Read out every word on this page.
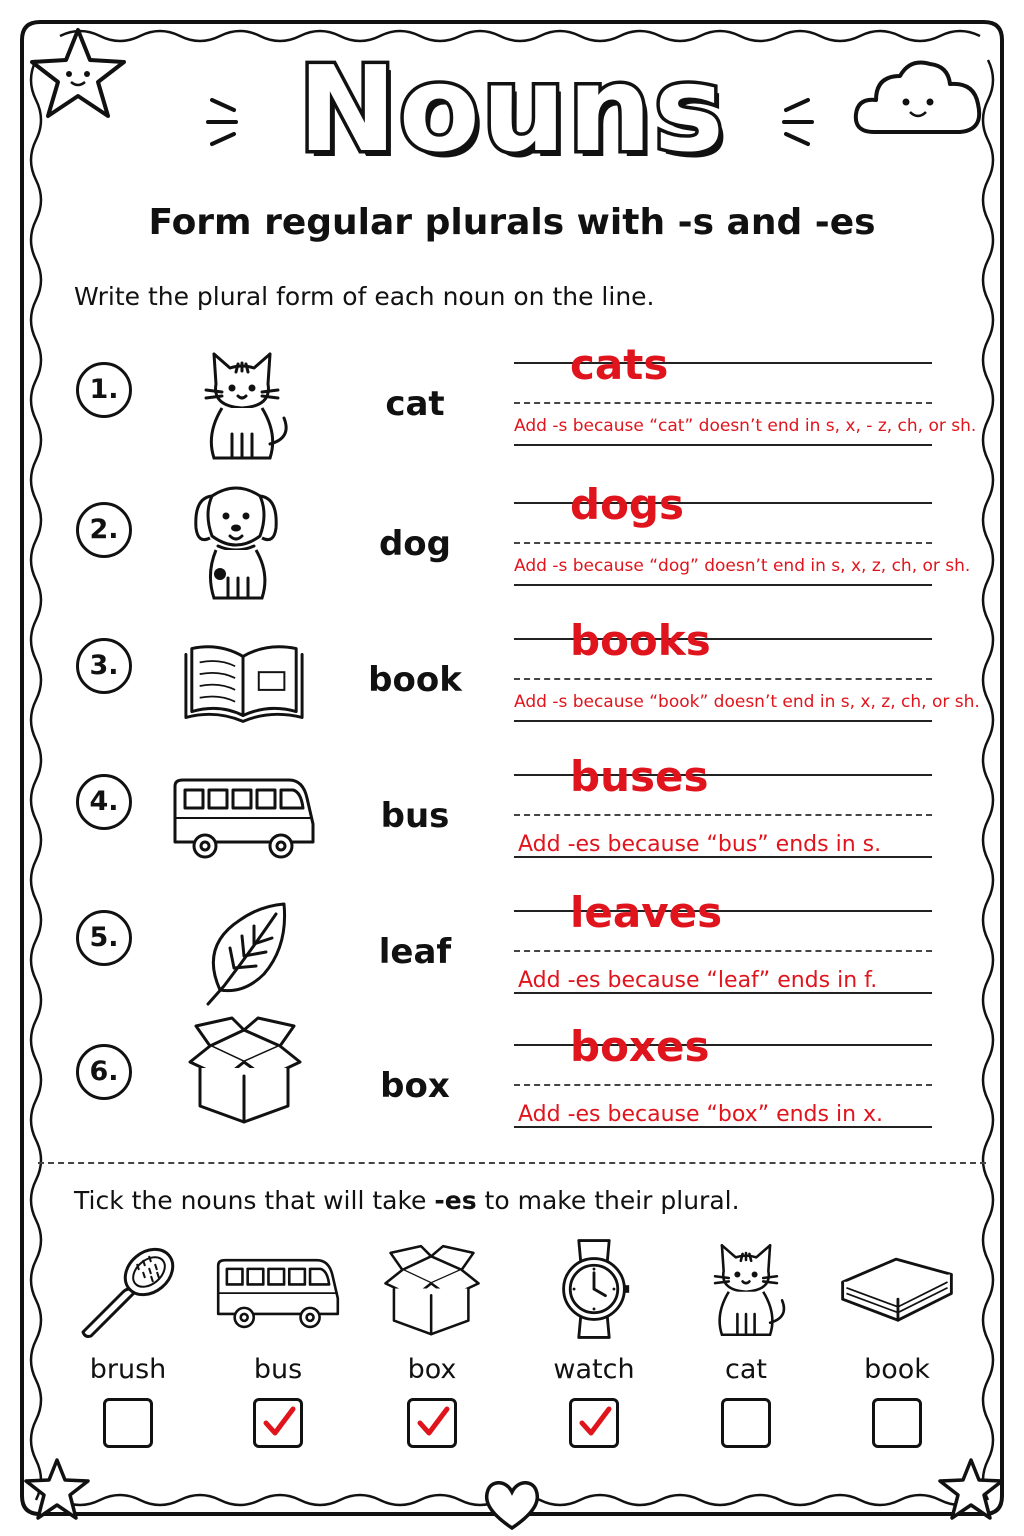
Nouns
Form regular plurals with -s and -es
Write the plural form of each noun on the line.
1.	cat
cats
Add -s because “cat” doesn’t end in s, x, - z, ch, or sh.
2.	dog
dogs
Add -s because “dog” doesn’t end in s, x, z, ch, or sh.
3.	book
books
Add -s because “book” doesn’t end in s, x, z, ch, or sh.
4.	bus
buses
Add -es because “bus” ends in s.
5.	leaf
leaves
Add -es because “leaf” ends in f.
6.	box
boxes
Add -es because “box” ends in x.
Tick the nouns that will take -es to make their plural.
brush	bus	box	watch	cat	book
